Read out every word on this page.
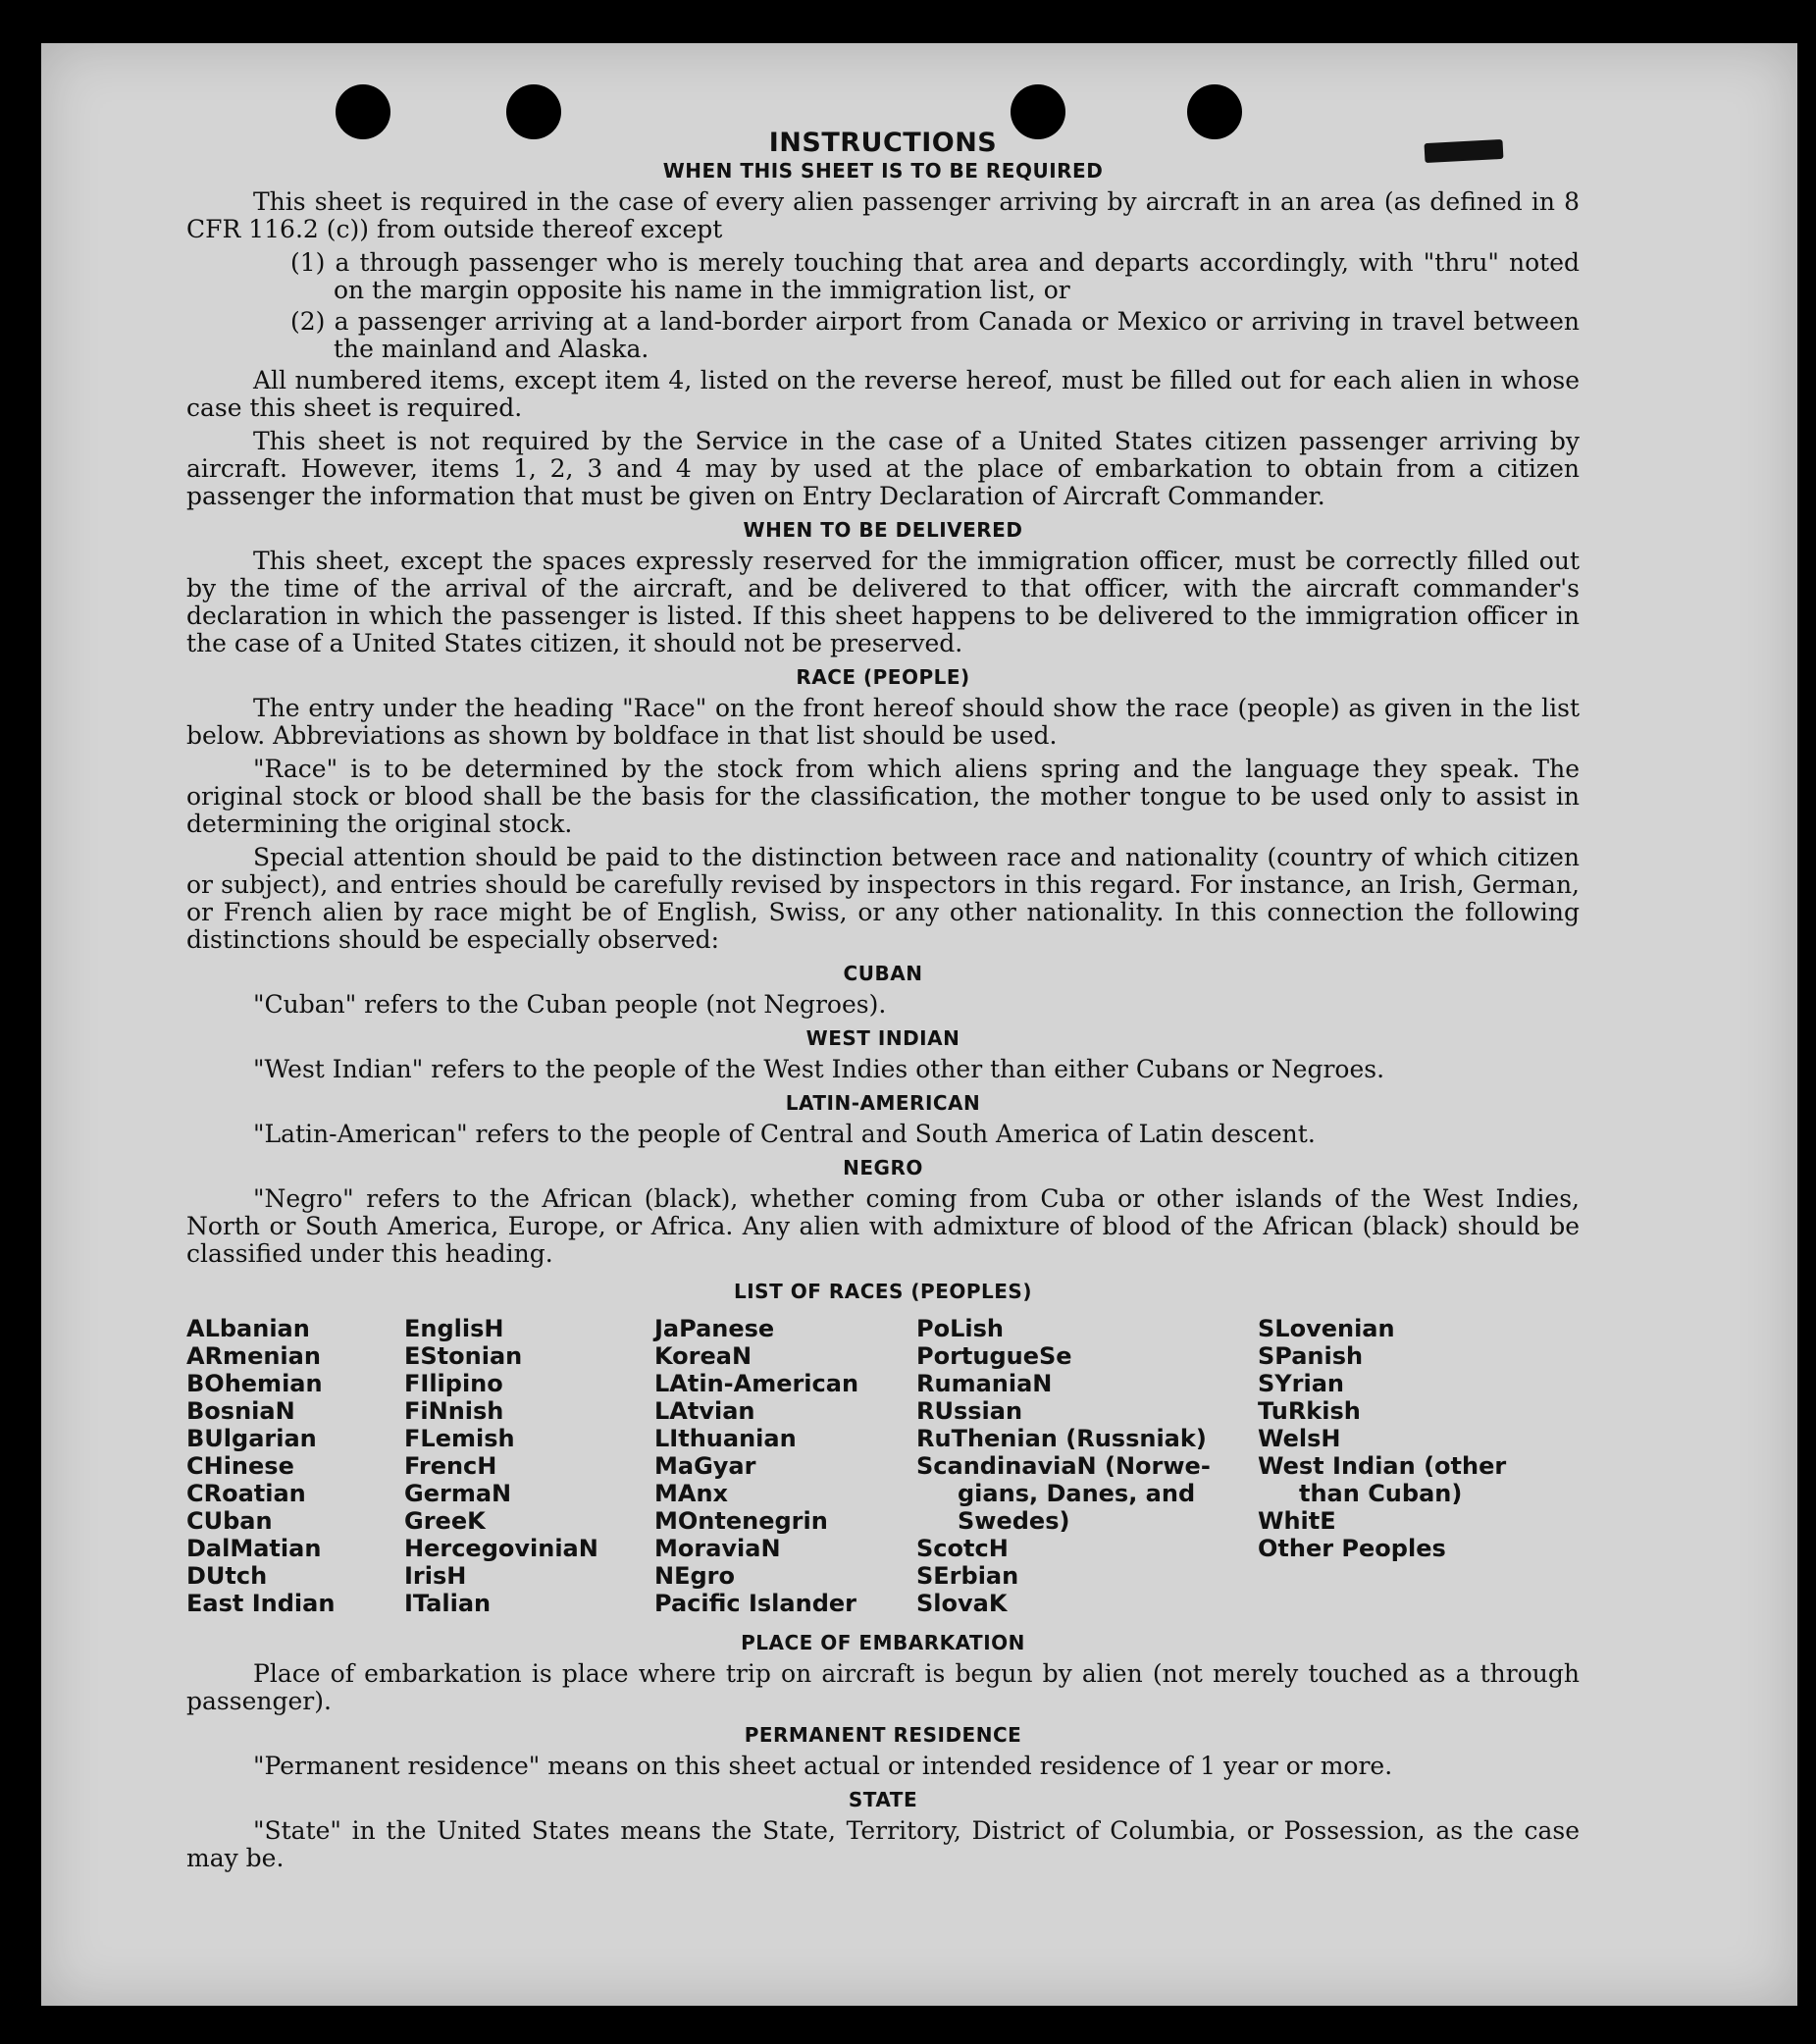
INSTRUCTIONS
WHEN THIS SHEET IS TO BE REQUIRED

This sheet is required in the case of every alien passenger arriving by aircraft in an area (as defined in 8 CFR 116.2 (c)) from outside thereof except

(1) a through passenger who is merely touching that area and departs accordingly, with "thru" noted on the margin opposite his name in the immigration list, or

(2) a passenger arriving at a land-border airport from Canada or Mexico or arriving in travel between the mainland and Alaska.

All numbered items, except item 4, listed on the reverse hereof, must be filled out for each alien in whose case this sheet is required.

This sheet is not required by the Service in the case of a United States citizen passenger arriving by aircraft. However, items 1, 2, 3 and 4 may by used at the place of embarkation to obtain from a citizen passenger the information that must be given on Entry Declaration of Aircraft Commander.

WHEN TO BE DELIVERED

This sheet, except the spaces expressly reserved for the immigration officer, must be correctly filled out by the time of the arrival of the aircraft, and be delivered to that officer, with the aircraft commander's declaration in which the passenger is listed. If this sheet happens to be delivered to the immigration officer in the case of a United States citizen, it should not be preserved.

RACE (PEOPLE)

The entry under the heading "Race" on the front hereof should show the race (people) as given in the list below. Abbreviations as shown by boldface in that list should be used.

"Race" is to be determined by the stock from which aliens spring and the language they speak. The original stock or blood shall be the basis for the classification, the mother tongue to be used only to assist in determining the original stock.

Special attention should be paid to the distinction between race and nationality (country of which citizen or subject), and entries should be carefully revised by inspectors in this regard. For instance, an Irish, German, or French alien by race might be of English, Swiss, or any other nationality. In this connection the following distinctions should be especially observed:

CUBAN

"Cuban" refers to the Cuban people (not Negroes).

WEST INDIAN

"West Indian" refers to the people of the West Indies other than either Cubans or Negroes.

LATIN-AMERICAN

"Latin-American" refers to the people of Central and South America of Latin descent.

NEGRO

"Negro" refers to the African (black), whether coming from Cuba or other islands of the West Indies, North or South America, Europe, or Africa. Any alien with admixture of blood of the African (black) should be classified under this heading.

LIST OF RACES (PEOPLES)
ALbanian
ARmenian
BOhemian
BosniaN
BUlgarian
CHinese
CRoatian
CUban
DalMatian
DUtch
East Indian
EnglisH
EStonian
FIlipino
FiNnish
FLemish
FrencH
GermaN
GreeK
HercegoviniaN
IrisH
ITalian
JaPanese
KoreaN
LAtin-American
LAtvian
LIthuanian
MaGyar
MAnx
MOntenegrin
MoraviaN
NEgro
Pacific Islander
PoLish
PortugueSe
RumaniaN
RUssian
RuThenian (Russniak)
ScandinaviaN (Norwe-
gians, Danes, and
Swedes)
ScotcH
SErbian
SlovaK
SLovenian
SPanish
SYrian
TuRkish
WelsH
West Indian (other
than Cuban)
WhitE
Other Peoples
PLACE OF EMBARKATION

Place of embarkation is place where trip on aircraft is begun by alien (not merely touched as a through passenger).

PERMANENT RESIDENCE

"Permanent residence" means on this sheet actual or intended residence of 1 year or more.

STATE

"State" in the United States means the State, Territory, District of Columbia, or Possession, as the case may be.
